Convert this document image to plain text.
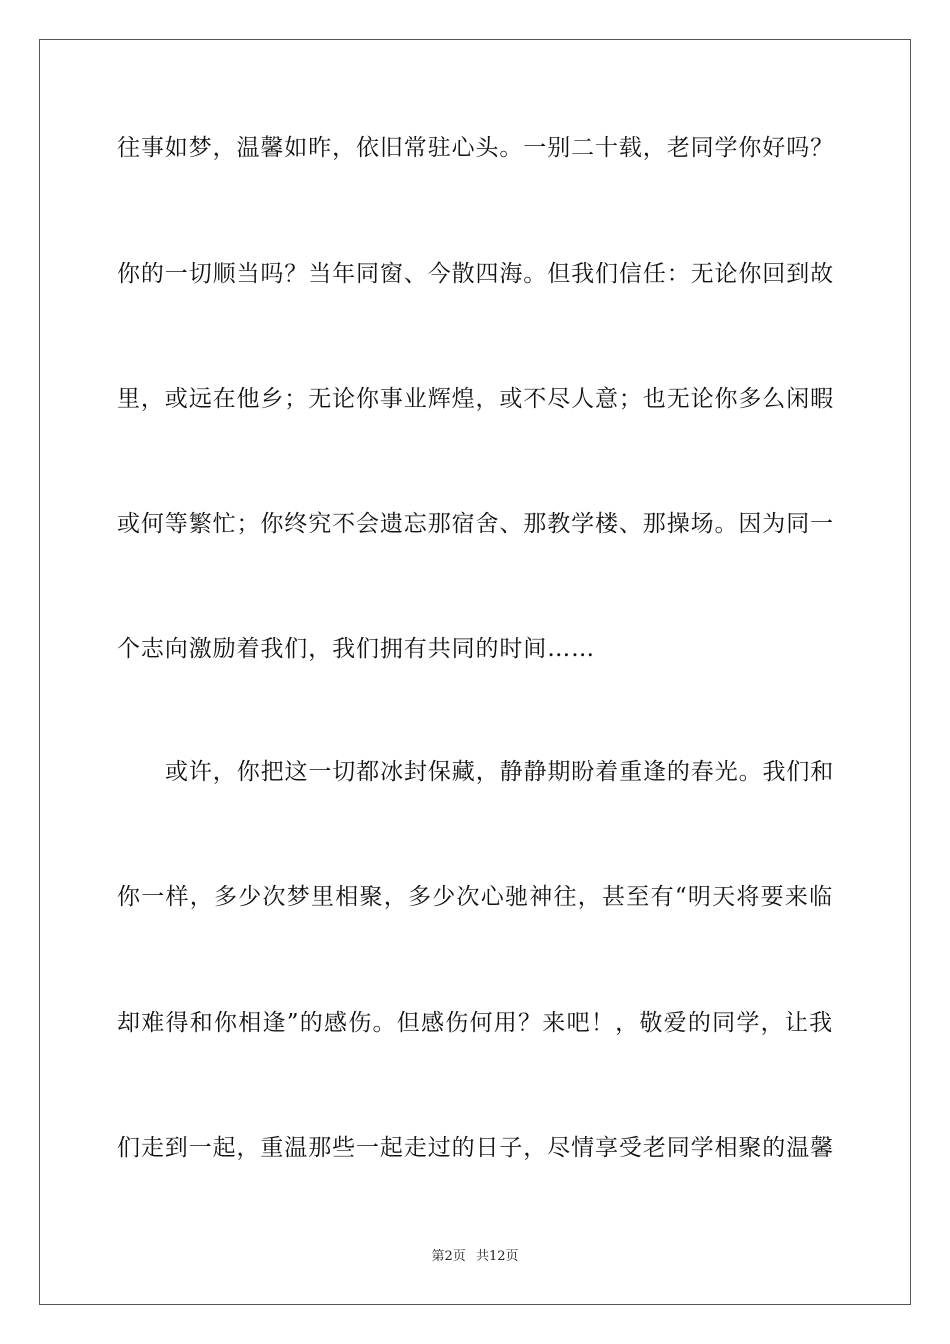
往事如梦，温馨如昨，依旧常驻心头。一别二十载，老同学你好吗？
你的一切顺当吗？当年同窗、今散四海。但我们信任：无论你回到故
里，或远在他乡；无论你事业辉煌，或不尽人意；也无论你多么闲暇
或何等繁忙；你终究不会遗忘那宿舍、那教学楼、那操场。因为同一
个志向激励着我们，我们拥有共同的时间……
或许，你把这一切都冰封保藏，静静期盼着重逢的春光。我们和
你一样，多少次梦里相聚，多少次心驰神往，甚至有“明天将要来临
却难得和你相逢”的感伤。但感伤何用？来吧！，敬爱的同学，让我
们走到一起，重温那些一起走过的日子，尽情享受老同学相聚的温馨
第2页 共12页
